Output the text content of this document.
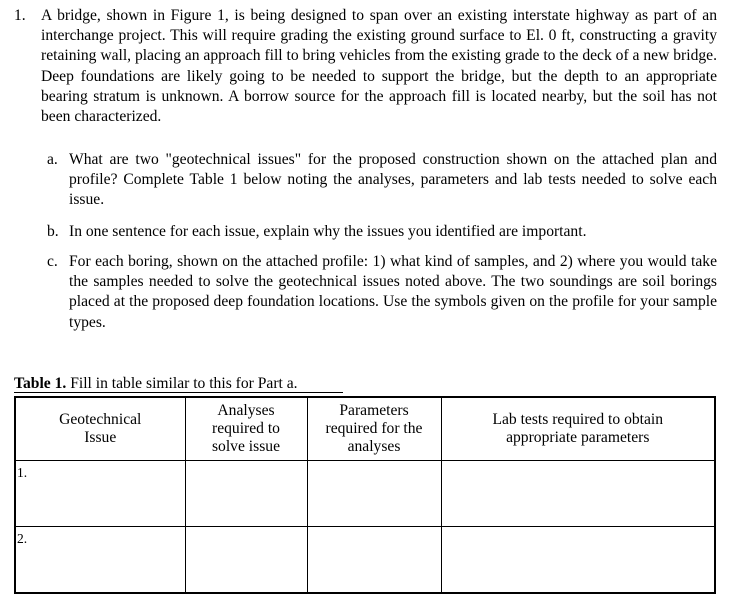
1. A bridge, shown in Figure 1, is being designed to span over an existing interstate highway as part of an interchange project. This will require grading the existing ground surface to El. 0 ft, constructing a gravity retaining wall, placing an approach fill to bring vehicles from the existing grade to the deck of a new bridge. Deep foundations are likely going to be needed to support the bridge, but the depth to an appropriate bearing stratum is unknown. A borrow source for the approach fill is located nearby, but the soil has not been characterized.
a. What are two "geotechnical issues" for the proposed construction shown on the attached plan and profile? Complete Table 1 below noting the analyses, parameters and lab tests needed to solve each issue.
b. In one sentence for each issue, explain why the issues you identified are important.
c. For each boring, shown on the attached profile: 1) what kind of samples, and 2) where you would take the samples needed to solve the geotechnical issues noted above. The two soundings are soil borings placed at the proposed deep foundation locations. Use the symbols given on the profile for your sample types.
Table 1. Fill in table similar to this for Part a.
Geotechnical Issue	Analyses required to solve issue	Parameters required for the analyses	Lab tests required to obtain appropriate parameters

1.			
2.			
